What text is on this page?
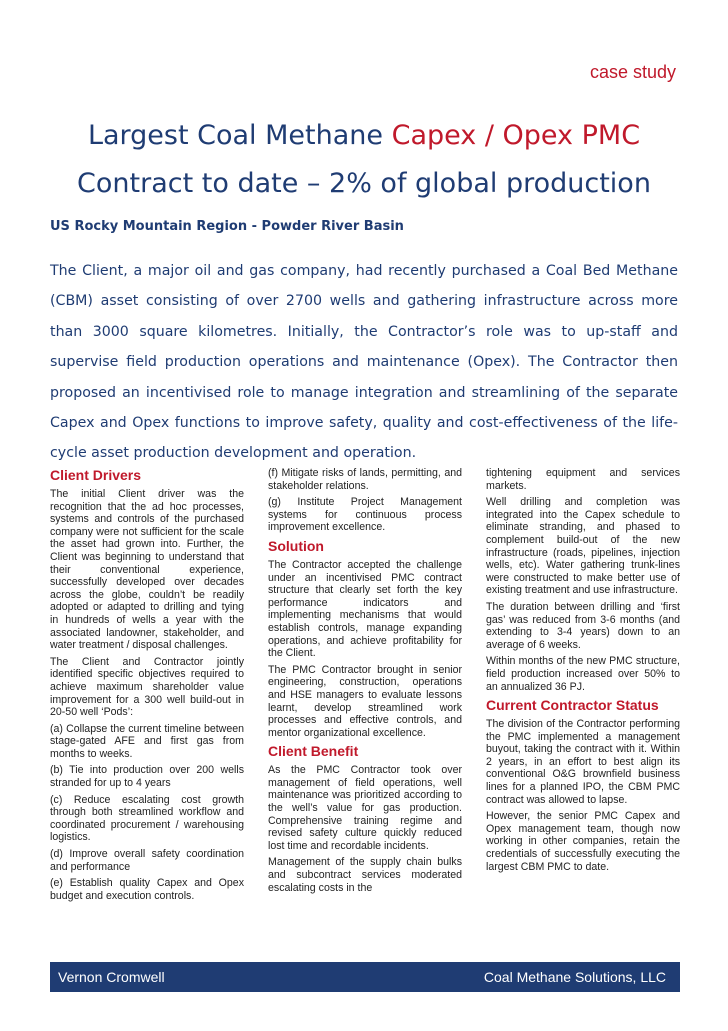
case study

Largest Coal Methane Capex / Opex PMC
Contract to date – 2% of global production

US Rocky Mountain Region - Powder River Basin

The Client, a major oil and gas company, had recently purchased a Coal Bed Methane (CBM) asset consisting of over 2700 wells and gathering infrastructure across more than 3000 square kilometres. Initially, the Contractor’s role was to up-staff and supervise field production operations and maintenance (Opex). The Contractor then proposed an incentivised role to manage integration and streamlining of the separate Capex and Opex functions to improve safety, quality and cost-effectiveness of the life-cycle asset production development and operation.

Client Drivers

The initial Client driver was the recognition that the ad hoc processes, systems and controls of the purchased company were not sufficient for the scale the asset had grown into. Further, the Client was beginning to understand that their conventional experience, successfully developed over decades across the globe, couldn’t be readily adopted or adapted to drilling and tying in hundreds of wells a year with the associated landowner, stakeholder, and water treatment / disposal challenges.

The Client and Contractor jointly identified specific objectives required to achieve maximum shareholder value improvement for a 300 well build-out in 20-50 well ‘Pods’:

(a) Collapse the current timeline between stage-gated AFE and first gas from months to weeks.

(b) Tie into production over 200 wells stranded for up to 4 years

(c) Reduce escalating cost growth through both streamlined workflow and coordinated procurement / warehousing logistics.

(d) Improve overall safety coordination and performance

(e) Establish quality Capex and Opex budget and execution controls.

(f) Mitigate risks of lands, permitting, and stakeholder relations.

(g) Institute Project Management systems for continuous process improvement excellence.

Solution

The Contractor accepted the challenge under an incentivised PMC contract structure that clearly set forth the key performance indicators and implementing mechanisms that would establish controls, manage expanding operations, and achieve profitability for the Client.

The PMC Contractor brought in senior engineering, construction, operations and HSE managers to evaluate lessons learnt, develop streamlined work processes and effective controls, and mentor organizational excellence.

Client Benefit

As the PMC Contractor took over management of field operations, well maintenance was prioritized according to the well’s value for gas production. Comprehensive training regime and revised safety culture quickly reduced lost time and recordable incidents.

Management of the supply chain bulks and subcontract services moderated escalating costs in the

tightening equipment and services markets.

Well drilling and completion was integrated into the Capex schedule to eliminate stranding, and phased to complement build-out of the new infrastructure (roads, pipelines, injection wells, etc). Water gathering trunk-lines were constructed to make better use of existing treatment and use infrastructure.

The duration between drilling and ‘first gas’ was reduced from 3-6 months (and extending to 3-4 years) down to an average of 6 weeks.

Within months of the new PMC structure, field production increased over 50% to an annualized 36 PJ.

Current Contractor Status

The division of the Contractor performing the PMC implemented a management buyout, taking the contract with it. Within 2 years, in an effort to best align its conventional O&G brownfield business lines for a planned IPO, the CBM PMC contract was allowed to lapse.

However, the senior PMC Capex and Opex management team, though now working in other companies, retain the credentials of successfully executing the largest CBM PMC to date.

Vernon Cromwell	Coal Methane Solutions, LLC
